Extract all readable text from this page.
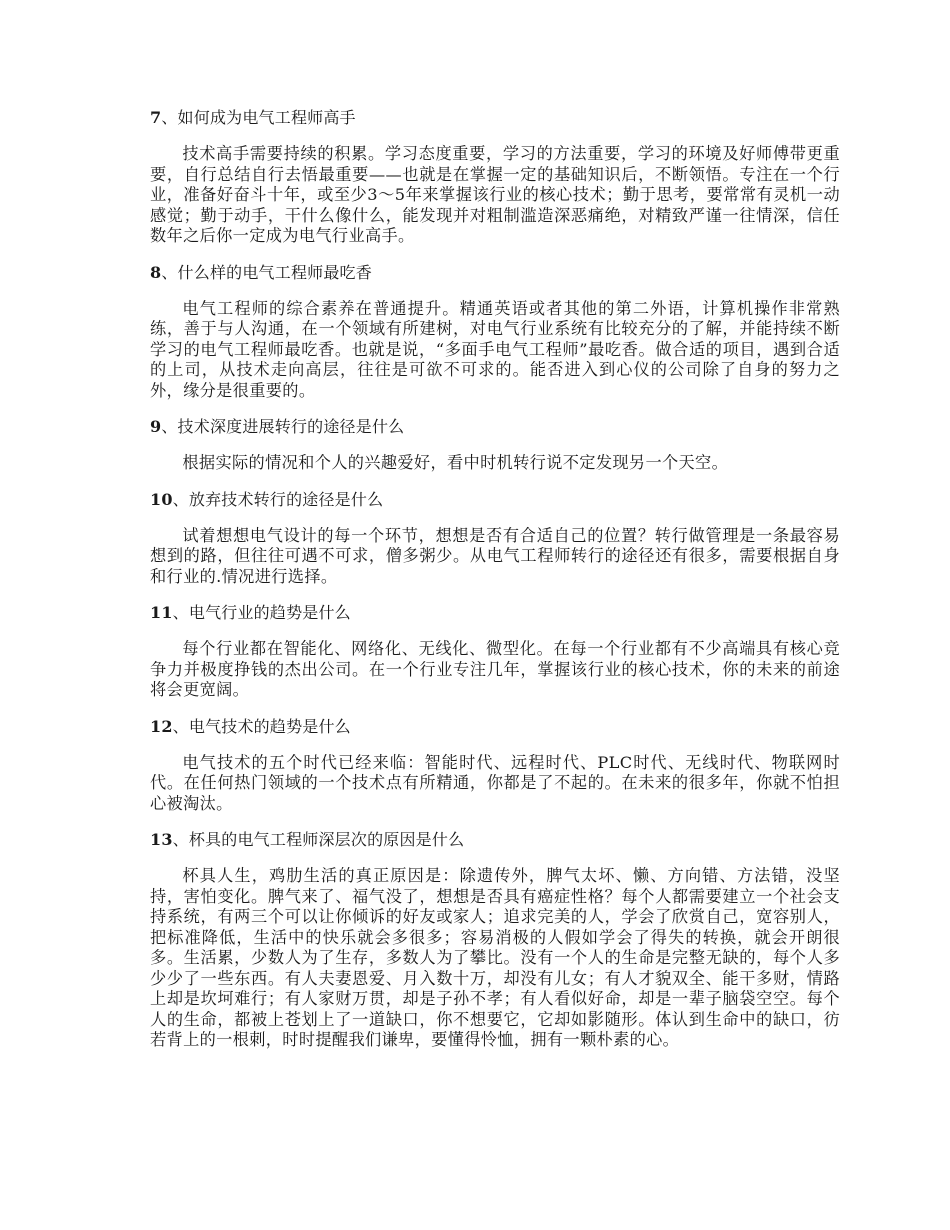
7、如何成为电气工程师高手

技术高手需要持续的积累。学习态度重要，学习的方法重要，学习的环境及好师傅带更重要，自行总结自行去悟最重要——也就是在掌握一定的基础知识后，不断领悟。专注在一个行业，准备好奋斗十年，或至少3～5年来掌握该行业的核心技术；勤于思考，要常常有灵机一动感觉；勤于动手，干什么像什么，能发现并对粗制滥造深恶痛绝，对精致严谨一往情深，信任数年之后你一定成为电气行业高手。

8、什么样的电气工程师最吃香

电气工程师的综合素养在普通提升。精通英语或者其他的第二外语，计算机操作非常熟练，善于与人沟通，在一个领域有所建树，对电气行业系统有比较充分的了解，并能持续不断学习的电气工程师最吃香。也就是说，“多面手电气工程师”最吃香。做合适的项目，遇到合适的上司，从技术走向高层，往往是可欲不可求的。能否进入到心仪的公司除了自身的努力之外，缘分是很重要的。

9、技术深度进展转行的途径是什么

根据实际的情况和个人的兴趣爱好，看中时机转行说不定发现另一个天空。

10、放弃技术转行的途径是什么

试着想想电气设计的每一个环节，想想是否有合适自己的位置？转行做管理是一条最容易想到的路，但往往可遇不可求，僧多粥少。从电气工程师转行的途径还有很多，需要根据自身和行业的.情况进行选择。

11、电气行业的趋势是什么

每个行业都在智能化、网络化、无线化、微型化。在每一个行业都有不少高端具有核心竞争力并极度挣钱的杰出公司。在一个行业专注几年，掌握该行业的核心技术，你的未来的前途将会更宽阔。

12、电气技术的趋势是什么

电气技术的五个时代已经来临：智能时代、远程时代、PLC时代、无线时代、物联网时代。在任何热门领域的一个技术点有所精通，你都是了不起的。在未来的很多年，你就不怕担心被淘汰。

13、杯具的电气工程师深层次的原因是什么

杯具人生，鸡肋生活的真正原因是：除遗传外，脾气太坏、懒、方向错、方法错，没坚持，害怕变化。脾气来了、福气没了，想想是否具有癌症性格？每个人都需要建立一个社会支持系统，有两三个可以让你倾诉的好友或家人；追求完美的人，学会了欣赏自己，宽容别人，把标准降低，生活中的快乐就会多很多；容易消极的人假如学会了得失的转换，就会开朗很多。生活累，少数人为了生存，多数人为了攀比。没有一个人的生命是完整无缺的，每个人多少少了一些东西。有人夫妻恩爱、月入数十万，却没有儿女；有人才貌双全、能干多财，情路上却是坎坷难行；有人家财万贯，却是子孙不孝；有人看似好命，却是一辈子脑袋空空。每个人的生命，都被上苍划上了一道缺口，你不想要它，它却如影随形。体认到生命中的缺口，彷若背上的一根刺，时时提醒我们谦卑，要懂得怜恤，拥有一颗朴素的心。
